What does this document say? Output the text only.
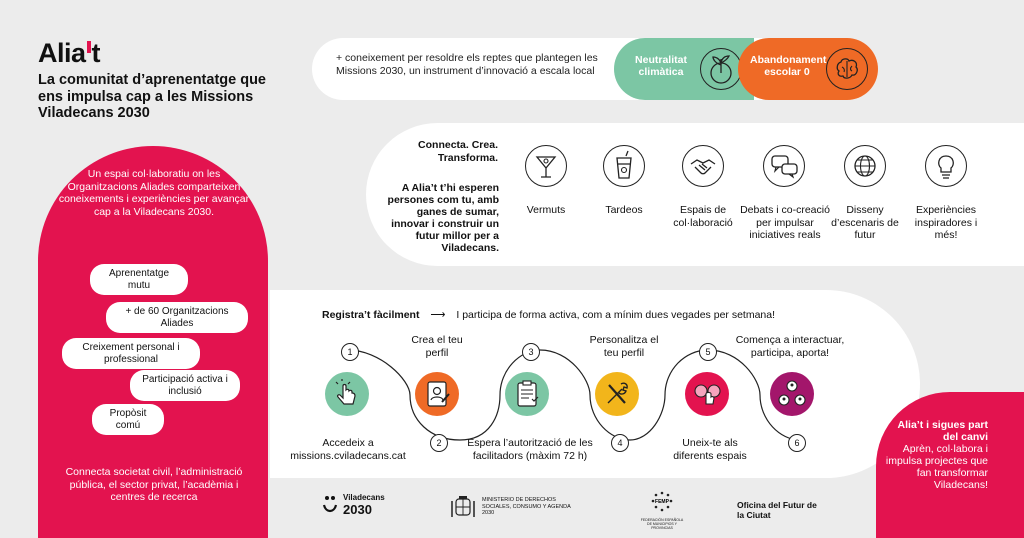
Alia t
La comunitat d’aprenentatge que ens impulsa cap a les Missions Viladecans 2030
Un espai col·laboratiu on les Organitzacions Aliades comparteixen coneixements i experiències per avançar cap a la Viladecans 2030.
Aprenentatge mutu
+ de 60 Organitzacions Aliades
Creixement personal i professional
Participació activa i inclusió
Propòsit comú
Connecta societat civil, l’administració pública, el sector privat, l’acadèmia i centres de recerca
+ coneixement per resoldre els reptes que plantegen les Missions 2030, un instrument d’innovació a escala local
Neutralitat climàtica
Abandonament escolar 0
Connecta. Crea. Transforma.
A Alia’t t’hi esperen persones com tu, amb ganes de sumar, innovar i construir un futur millor per a Viladecans.
Vermuts	Tardeos	Espais de col·laboració
Debats i co-creació per impulsar iniciatives reals
Disseny d’escenaris de futur
Experiències inspiradores i més!
Registra’t fàcilment ⟶ I participa de forma activa, com a mínim dues vegades per setmana!
1
2
3
4
5
6
Accedeix a missions.cviladecans.cat
Crea el teu perfil
Espera l’autorització de les facilitadors (màxim 72 h)
Personalitza el teu perfil
Uneix-te als diferents espais
Comença a interactuar, participa, aporta!
Alia’t i sigues part del canvi
Aprèn, col·labora i impulsa projectes que fan transformar Viladecans!
Viladecans
2030
MINISTERIO DE DERECHOS SOCIALES, CONSUMO Y AGENDA 2030
FEMP
FEDERACIÓN ESPAÑOLA DE MUNICIPIOS Y PROVINCIAS
Oficina del Futur de la Ciutat
